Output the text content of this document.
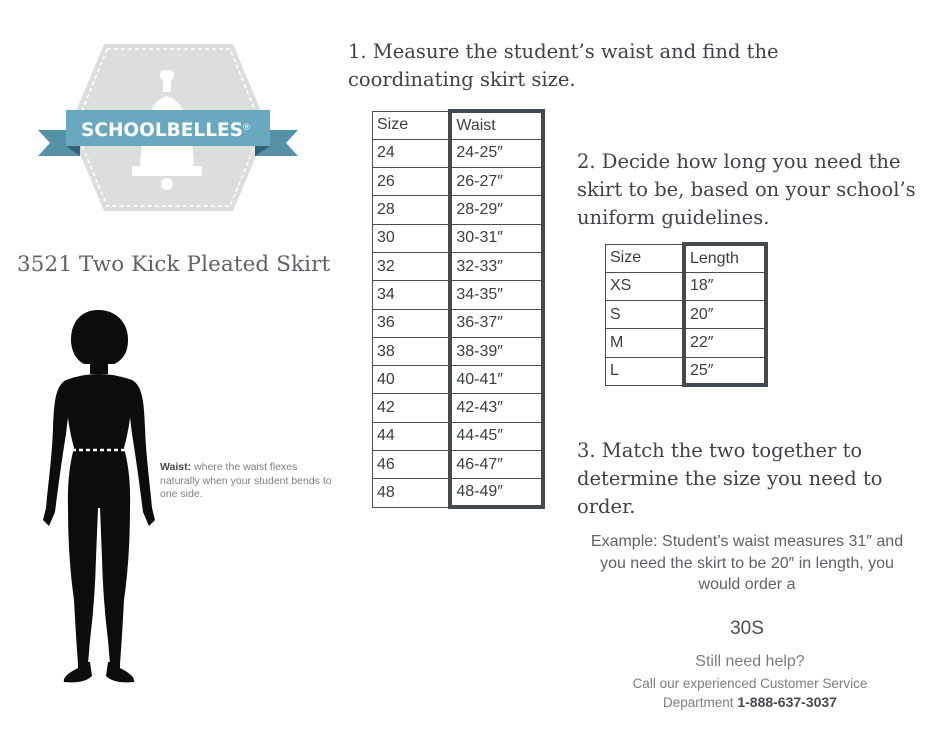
SCHOOLBELLES ®
3521 Two Kick Pleated Skirt
Waist: where the waist flexes naturally when your student bends to one side.
1. Measure the student’s waist and find the coordinating skirt size.
Size	Waist
24	24-25″
26	26-27″
28	28-29″
30	30-31″
32	32-33″
34	34-35″
36	36-37″
38	38-39″
40	40-41″
42	42-43″
44	44-45″
46	46-47″
48	48-49″
2. Decide how long you need the skirt to be, based on your school’s uniform guidelines.
Size	Length
XS	18″
S	20″
M	22″
L	25″
3. Match the two together to determine the size you need to order.
Example: Student’s waist measures 31″ and you need the skirt to be 20″ in length, you would order a
30S
Still need help?
Call our experienced Customer Service
Department 1-888-637-3037
